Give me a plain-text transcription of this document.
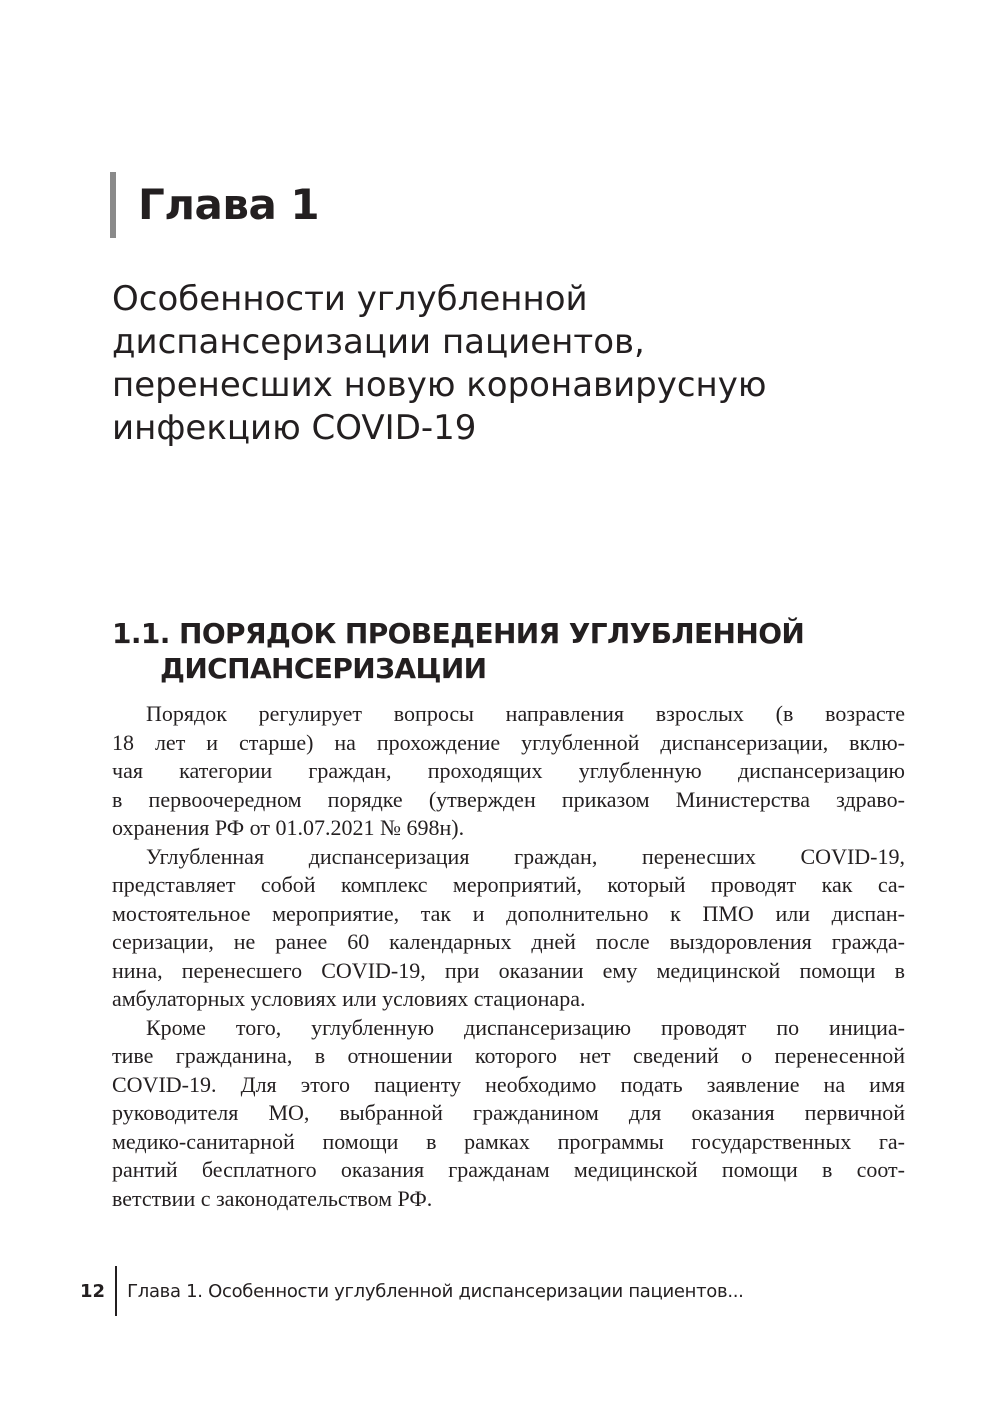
Глава 1
Особенности углубленной
диспансеризации пациентов,
перенесших новую коронавирусную
инфекцию COVID-19
1.1. ПОРЯДОК ПРОВЕДЕНИЯ УГЛУБЛЕННОЙ
ДИСПАНСЕРИЗАЦИИ

Порядок регулирует вопросы направления взрослых (в возрасте
18 лет и старше) на прохождение углубленной диспансеризации, вклю-
чая категории граждан, проходящих углубленную диспансеризацию
в первоочередном порядке (утвержден приказом Министерства здраво-
охранения РФ от 01.07.2021 № 698н).

Углубленная диспансеризация граждан, перенесших COVID-19,
представляет собой комплекс мероприятий, который проводят как са-
мостоятельное мероприятие, так и дополнительно к ПМО или диспан-
серизации, не ранее 60 календарных дней после выздоровления гражда-
нина, перенесшего COVID-19, при оказании ему медицинской помощи в
амбулаторных условиях или условиях стационара.

Кроме того, углубленную диспансеризацию проводят по инициа-
тиве гражданина, в отношении которого нет сведений о перенесенной
COVID-19. Для этого пациенту необходимо подать заявление на имя
руководителя МО, выбранной гражданином для оказания первичной
медико-санитарной помощи в рамках программы государственных га-
рантий бесплатного оказания гражданам медицинской помощи в соот-
ветствии с законодательством РФ.

12 Глава 1. Особенности углубленной диспансеризации пациентов...
